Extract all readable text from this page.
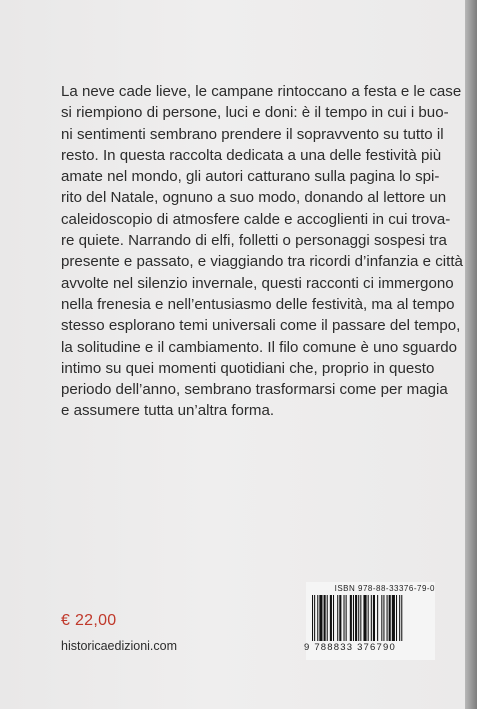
La neve cade lieve, le campane rintoccano a festa e le case
si riempiono di persone, luci e doni: è il tempo in cui i buo-
ni sentimenti sembrano prendere il sopravvento su tutto il
resto. In questa raccolta dedicata a una delle festività più
amate nel mondo, gli autori catturano sulla pagina lo spi-
rito del Natale, ognuno a suo modo, donando al lettore un
caleidoscopio di atmosfere calde e accoglienti in cui trova-
re quiete. Narrando di elfi, folletti o personaggi sospesi tra
presente e passato, e viaggiando tra ricordi d’infanzia e città
avvolte nel silenzio invernale, questi racconti ci immergono
nella frenesia e nell’entusiasmo delle festività, ma al tempo
stesso esplorano temi universali come il passare del tempo,
la solitudine e il cambiamento. Il filo comune è uno sguardo
intimo su quei momenti quotidiani che, proprio in questo
periodo dell’anno, sembrano trasformarsi come per magia
e assumere tutta un’altra forma.
€ 22,00
historicaedizioni.com
ISBN 978-88-33376-79-0
9 788833 376790
